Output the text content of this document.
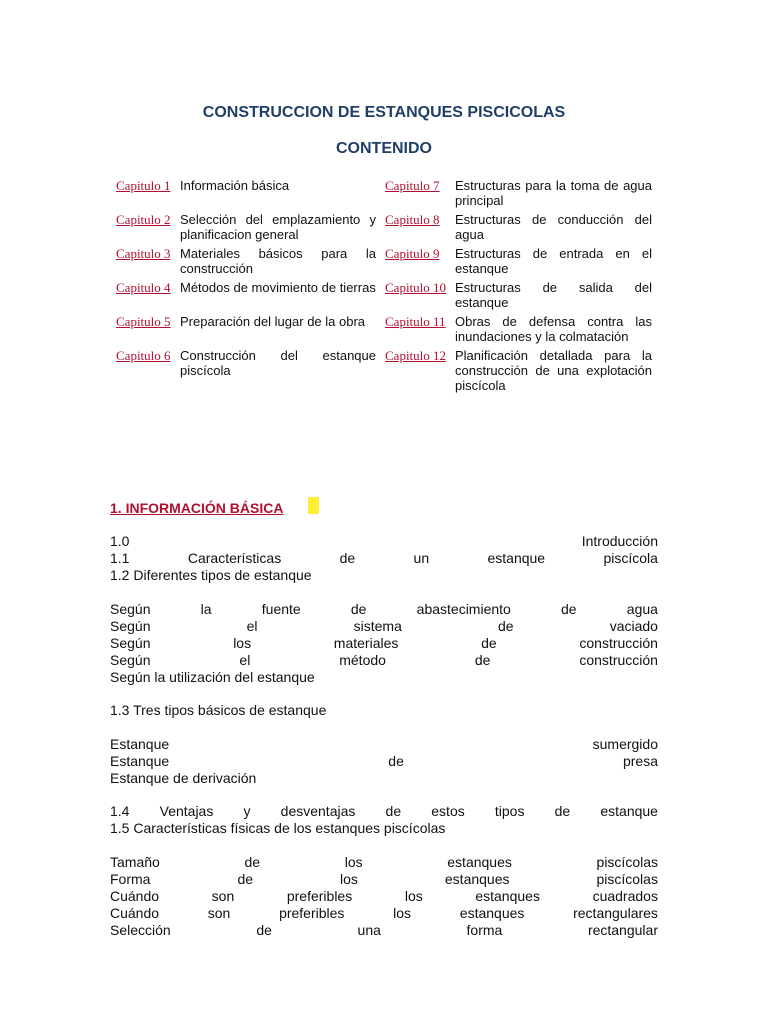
CONSTRUCCION DE ESTANQUES PISCICOLAS
CONTENIDO
Capitulo 1 Información básica
Capitulo 2 Selección del emplazamiento y planificacion general
Capitulo 3 Materiales básicos para la construcción
Capitulo 4 Métodos de movimiento de tierras
Capitulo 5 Preparación del lugar de la obra
Capitulo 6 Construcción del estanque piscícola
Capitulo 7 Estructuras para la toma de agua principal
Capitulo 8 Estructuras de conducción del agua
Capitulo 9 Estructuras de entrada en el estanque
Capitulo 10 Estructuras de salida del estanque
Capitulo 11 Obras de defensa contra las inundaciones y la colmatación
Capitulo 12 Planificación detallada para la construcción de una explotación piscícola
1. INFORMACIÓN BÁSICA
1.0	Introducción
1.1	Características	de	un	estanque	piscícola
1.2 Diferentes tipos de estanque
Según	la	fuente	de	abastecimiento	de	agua
Según	el	sistema	de	vaciado
Según	los	materiales	de	construcción
Según	el	método	de	construcción
Según la utilización del estanque
1.3 Tres tipos básicos de estanque
Estanque	sumergido
Estanque	de	presa
Estanque de derivación
1.4 Ventajas y desventajas de estos tipos de estanque
1.5 Características físicas de los estanques piscícolas
Tamaño	de	los	estanques	piscícolas
Forma	de	los	estanques	piscícolas
Cuándo	son	preferibles	los	estanques	cuadrados
Cuándo	son	preferibles	los	estanques	rectangulares
Selección	de	una	forma	rectangular
